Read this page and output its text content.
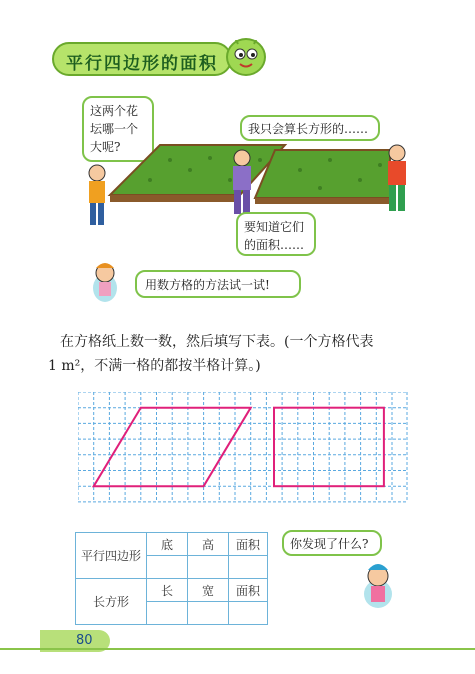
平行四边形的面积
这两个花
坛哪一个
大呢?
我只会算长方形的……
要知道它们
的面积……
用数方格的方法试一试!
在方格纸上数一数，然后填写下表。(一个方格代表
1 m²，不满一格的都按半格计算。)
平行四边形	底	高	面积

长方形	长	宽	面积

你发现了什么?
80
